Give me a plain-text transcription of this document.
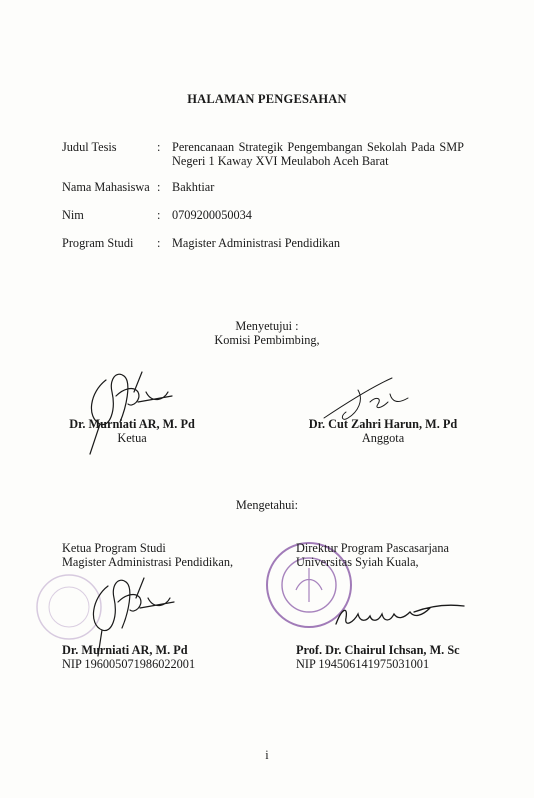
HALAMAN PENGESAHAN
Judul Tesis	: Perencanaan Strategik Pengembangan Sekolah Pada SMP
Negeri 1 Kaway XVI Meulaboh Aceh Barat
Nama Mahasiswa : Bakhtiar
Nim	: 0709200050034
Program Studi : Magister Administrasi Pendidikan
Menyetujui :
Komisi Pembimbing,
Dr. Murniati AR, M. Pd
Ketua
Dr. Cut Zahri Harun, M. Pd
Anggota
Mengetahui:
Ketua Program Studi
Magister Administrasi Pendidikan,
Dr. Murniati AR, M. Pd
NIP 196005071986022001
Direktur Program Pascasarjana
Universitas Syiah Kuala,
Prof. Dr. Chairul Ichsan, M. Sc
NIP 194506141975031001
i
